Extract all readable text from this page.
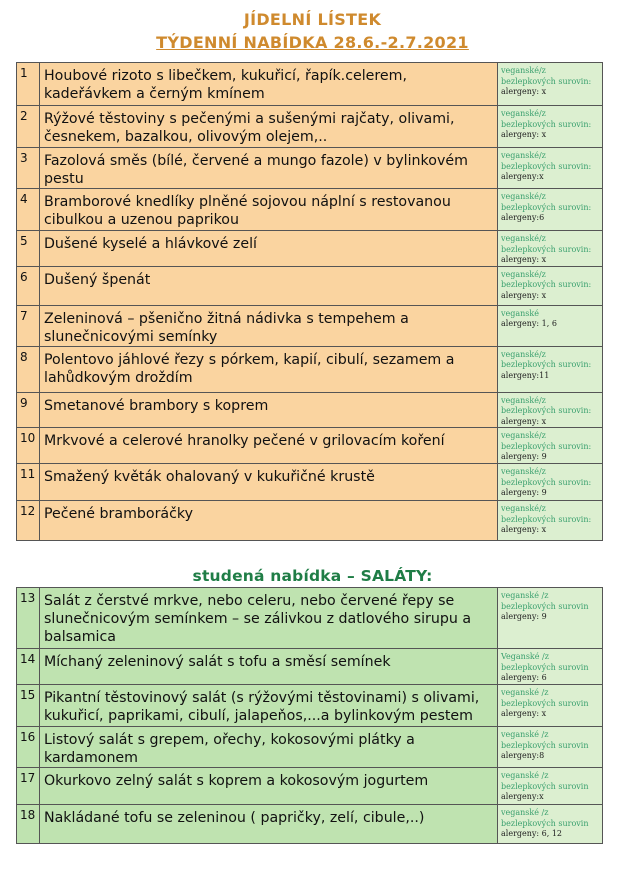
JÍDELNÍ LÍSTEK
TÝDENNÍ NABÍDKA 28.6.-2.7.2021
1	Houbové rizoto s libečkem, kukuřicí, řapík.celerem, kadeřávkem a černým kmínem	veganské/z bezlepkových surovin:
alergeny: x

2	Rýžové těstoviny s pečenými a sušenými rajčaty, olivami, česnekem, bazalkou, olivovým olejem,..	veganské/z bezlepkových surovin:
alergeny: x

3	Fazolová směs (bílé, červené a mungo fazole) v bylinkovém pestu	veganské/z bezlepkových surovin:
alergeny:x

4	Bramborové knedlíky plněné sojovou náplní s restovanou cibulkou a uzenou paprikou	veganské/z bezlepkových surovin:
alergeny:6

5	Dušené kyselé a hlávkové zelí	veganské/z bezlepkových surovin:
alergeny: x

6	Dušený špenát	veganské/z bezlepkových surovin:
alergeny: x

7	Zeleninová – pšenično žitná nádivka s tempehem a slunečnicovými semínky	veganské
alergeny: 1, 6

8	Polentovo jáhlové řezy s pórkem, kapií, cibulí, sezamem a lahůdkovým droždím	veganské/z bezlepkových surovin:
alergeny:11

9	Smetanové brambory s koprem	veganské/z bezlepkových surovin:
alergeny: x

10	Mrkvové a celerové hranolky pečené v grilovacím koření	veganské/z bezlepkových surovin:
alergeny: 9

11	Smažený květák ohalovaný v kukuřičné krustě	veganské/z bezlepkových surovin:
alergeny: 9

12	Pečené bramboráčky	veganské/z bezlepkových surovin:
alergeny: x
studená nabídka – SALÁTY:
13	Salát z čerstvé mrkve, nebo celeru, nebo červené řepy se slunečnicovým semínkem – se zálivkou z datlového sirupu a balsamica	veganské /z bezlepkových surovin
alergeny: 9

14	Míchaný zeleninový salát s tofu a směsí semínek	Veganské /z bezlepkových surovin
alergeny: 6

15	Pikantní těstovinový salát (s rýžovými těstovinami) s olivami, kukuřicí, paprikami, cibulí, jalapeňos,...a bylinkovým pestem	veganské /z bezlepkových surovin
alergeny: x

16	Listový salát s grepem, ořechy, kokosovými plátky a kardamonem	veganské /z bezlepkových surovin
alergeny:8

17	Okurkovo zelný salát s koprem a kokosovým jogurtem	veganské /z bezlepkových surovin
alergeny:x

18	Nakládané tofu se zeleninou ( papričky, zelí, cibule,..)	veganské /z bezlepkových surovin
alergeny: 6, 12
